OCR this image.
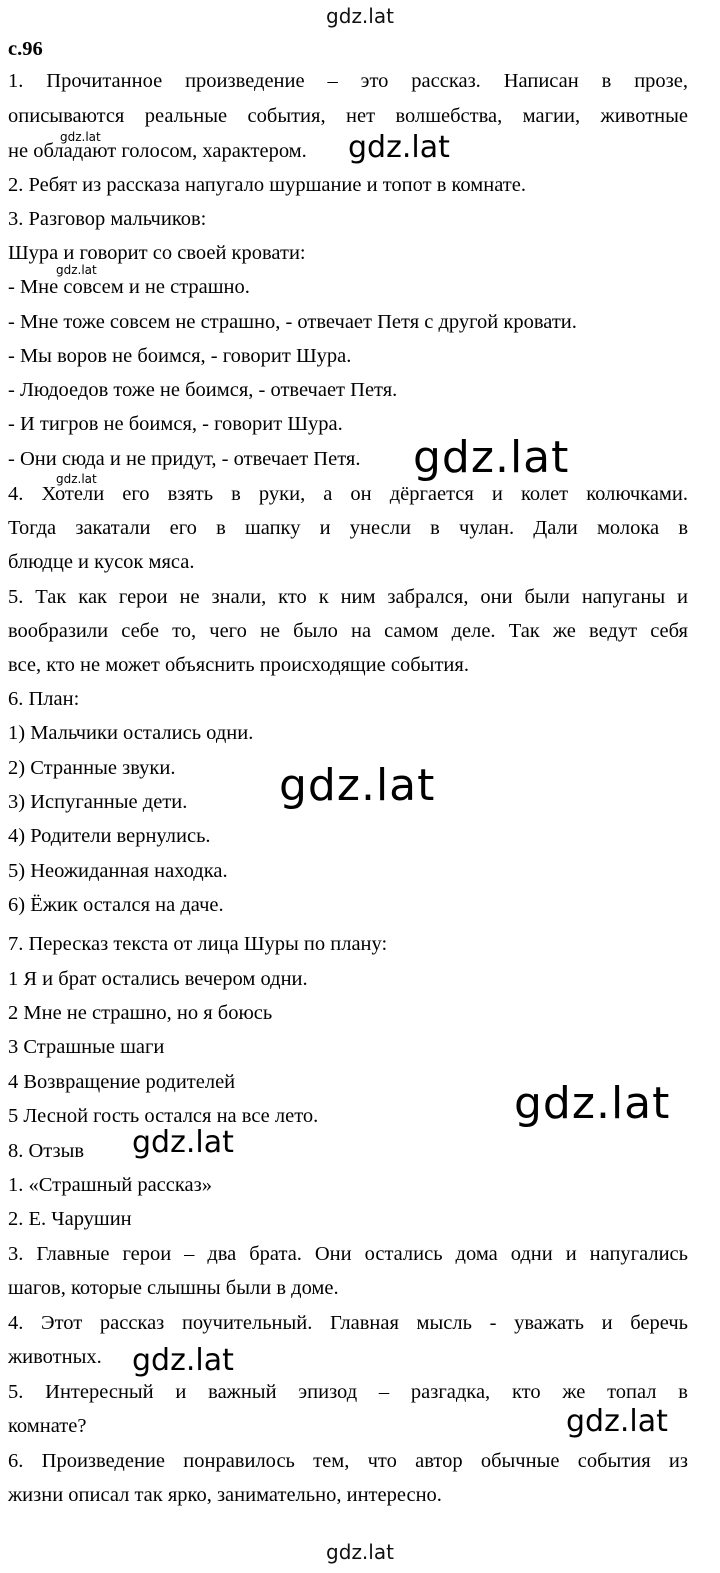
gdz.lat
с.96
1. Прочитанное произведение – это рассказ. Написан в прозе,
описываются реальные события, нет волшебства, магии, животные
не обладают голосом, характером.
2. Ребят из рассказа напугало шуршание и топот в комнате.
3. Разговор мальчиков:
Шура и говорит со своей кровати:
- Мне совсем и не страшно.
- Мне тоже совсем не страшно, - отвечает Петя с другой кровати.
- Мы воров не боимся, - говорит Шура.
- Людоедов тоже не боимся, - отвечает Петя.
- И тигров не боимся, - говорит Шура.
- Они сюда и не придут, - отвечает Петя.
4. Хотели его взять в руки, а он дёргается и колет колючками.
Тогда закатали его в шапку и унесли в чулан. Дали молока в
блюдце и кусок мяса.
5. Так как герои не знали, кто к ним забрался, они были напуганы и
вообразили себе то, чего не было на самом деле. Так же ведут себя
все, кто не может объяснить происходящие события.
6. План:
1) Мальчики остались одни.
2) Странные звуки.
3) Испуганные дети.
4) Родители вернулись.
5) Неожиданная находка.
6) Ёжик остался на даче.
7. Пересказ текста от лица Шуры по плану:
1 Я и брат остались вечером одни.
2 Мне не страшно, но я боюсь
3 Страшные шаги
4 Возвращение родителей
5 Лесной гость остался на все лето.
8. Отзыв
1. «Страшный рассказ»
2. Е. Чарушин
3. Главные герои – два брата. Они остались дома одни и напугались
шагов, которые слышны были в доме.
4. Этот рассказ поучительный. Главная мысль - уважать и беречь
животных.
5. Интересный и важный эпизод – разгадка, кто же топал в
комнате?
6. Произведение понравилось тем, что автор обычные события из
жизни описал так ярко, занимательно, интересно.
gdz.lat	gdz.lat
gdz.lat
gdz.lat
gdz.lat
gdz.lat
gdz.lat
gdz.lat
gdz.lat
gdz.lat
gdz.lat
